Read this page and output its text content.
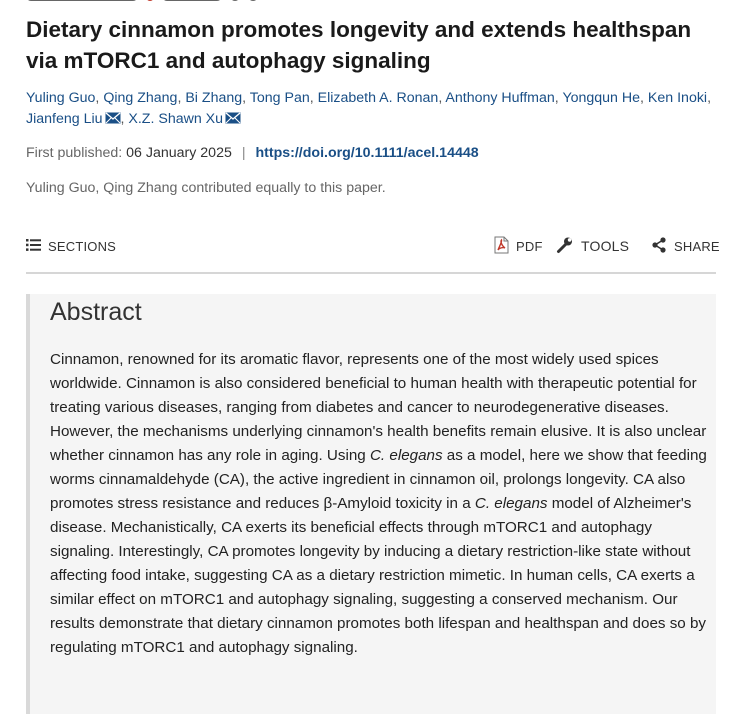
Dietary cinnamon promotes longevity and extends healthspan via mTORC1 and autophagy signaling
Yuling Guo, Qing Zhang, Bi Zhang, Tong Pan, Elizabeth A. Ronan, Anthony Huffman, Yongqun He, Ken Inoki, Jianfeng Liu , X.Z. Shawn Xu
First published: 06 January 2025 | https://doi.org/10.1111/acel.14448
Yuling Guo, Qing Zhang contributed equally to this paper.
SECTIONS	PDF	TOOLS	SHARE
Abstract

Cinnamon, renowned for its aromatic flavor, represents one of the most widely used spices worldwide. Cinnamon is also considered beneficial to human health with therapeutic potential for treating various diseases, ranging from diabetes and cancer to neurodegenerative diseases. However, the mechanisms underlying cinnamon's health benefits remain elusive. It is also unclear whether cinnamon has any role in aging. Using C. elegans as a model, here we show that feeding worms cinnamaldehyde (CA), the active ingredient in cinnamon oil, prolongs longevity. CA also promotes stress resistance and reduces β-Amyloid toxicity in a C. elegans model of Alzheimer's disease. Mechanistically, CA exerts its beneficial effects through mTORC1 and autophagy signaling. Interestingly, CA promotes longevity by inducing a dietary restriction-like state without affecting food intake, suggesting CA as a dietary restriction mimetic. In human cells, CA exerts a similar effect on mTORC1 and autophagy signaling, suggesting a conserved mechanism. Our results demonstrate that dietary cinnamon promotes both lifespan and healthspan and does so by regulating mTORC1 and autophagy signaling.
